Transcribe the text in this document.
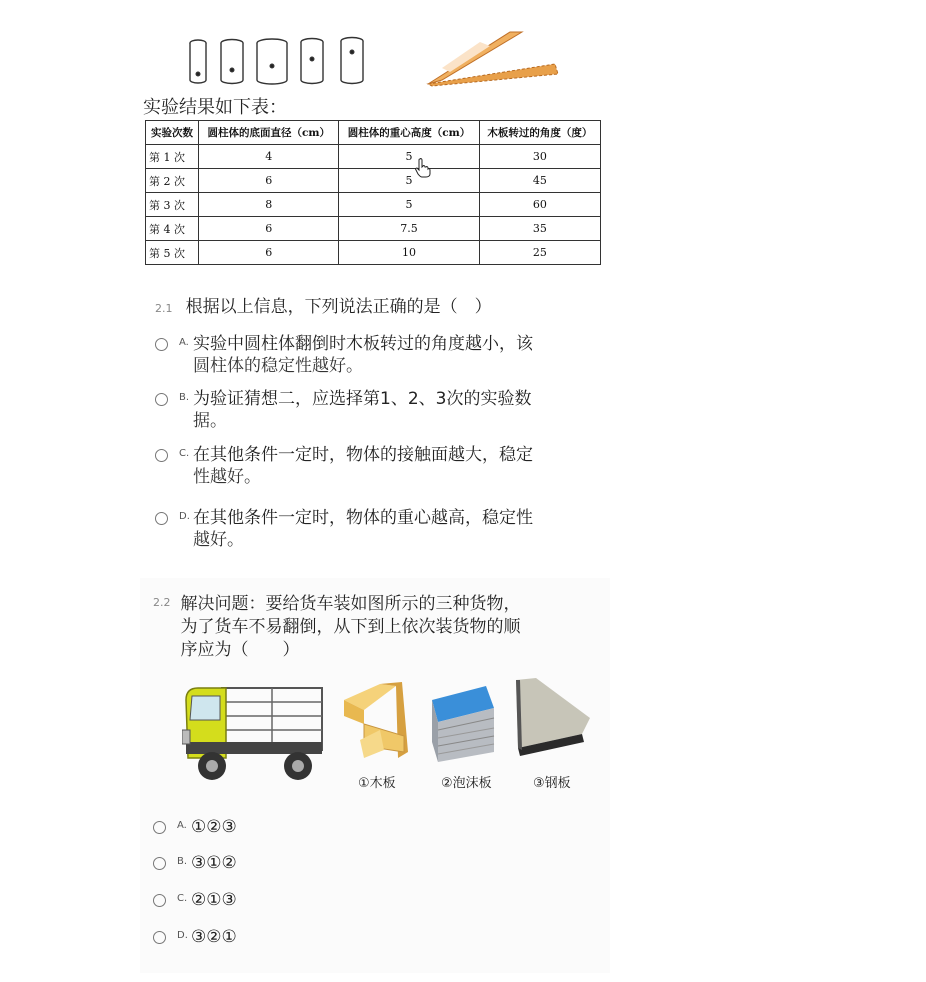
实验结果如下表：
实验次数	圆柱体的底面直径（cm）	圆柱体的重心高度（cm）	木板转过的角度（度）
第 1 次	4	5	30
第 2 次	6	5	45
第 3 次	8	5	60
第 4 次	6	7.5	35
第 5 次	6	10	25
2.1 根据以上信息，下列说法正确的是（　）
A. 实验中圆柱体翻倒时木板转过的角度越小，该
圆柱体的稳定性越好。
B. 为验证猜想二，应选择第1、2、3次的实验数
据。
C. 在其他条件一定时，物体的接触面越大，稳定
性越好。
D. 在其他条件一定时，物体的重心越高，稳定性
越好。
2.2 解决问题：要给货车装如图所示的三种货物，
为了货车不易翻倒，从下到上依次装货物的顺
序应为（　　）
①木板	②泡沫板	③钢板
A. ①②③
B. ③①②
C. ②①③
D. ③②①
